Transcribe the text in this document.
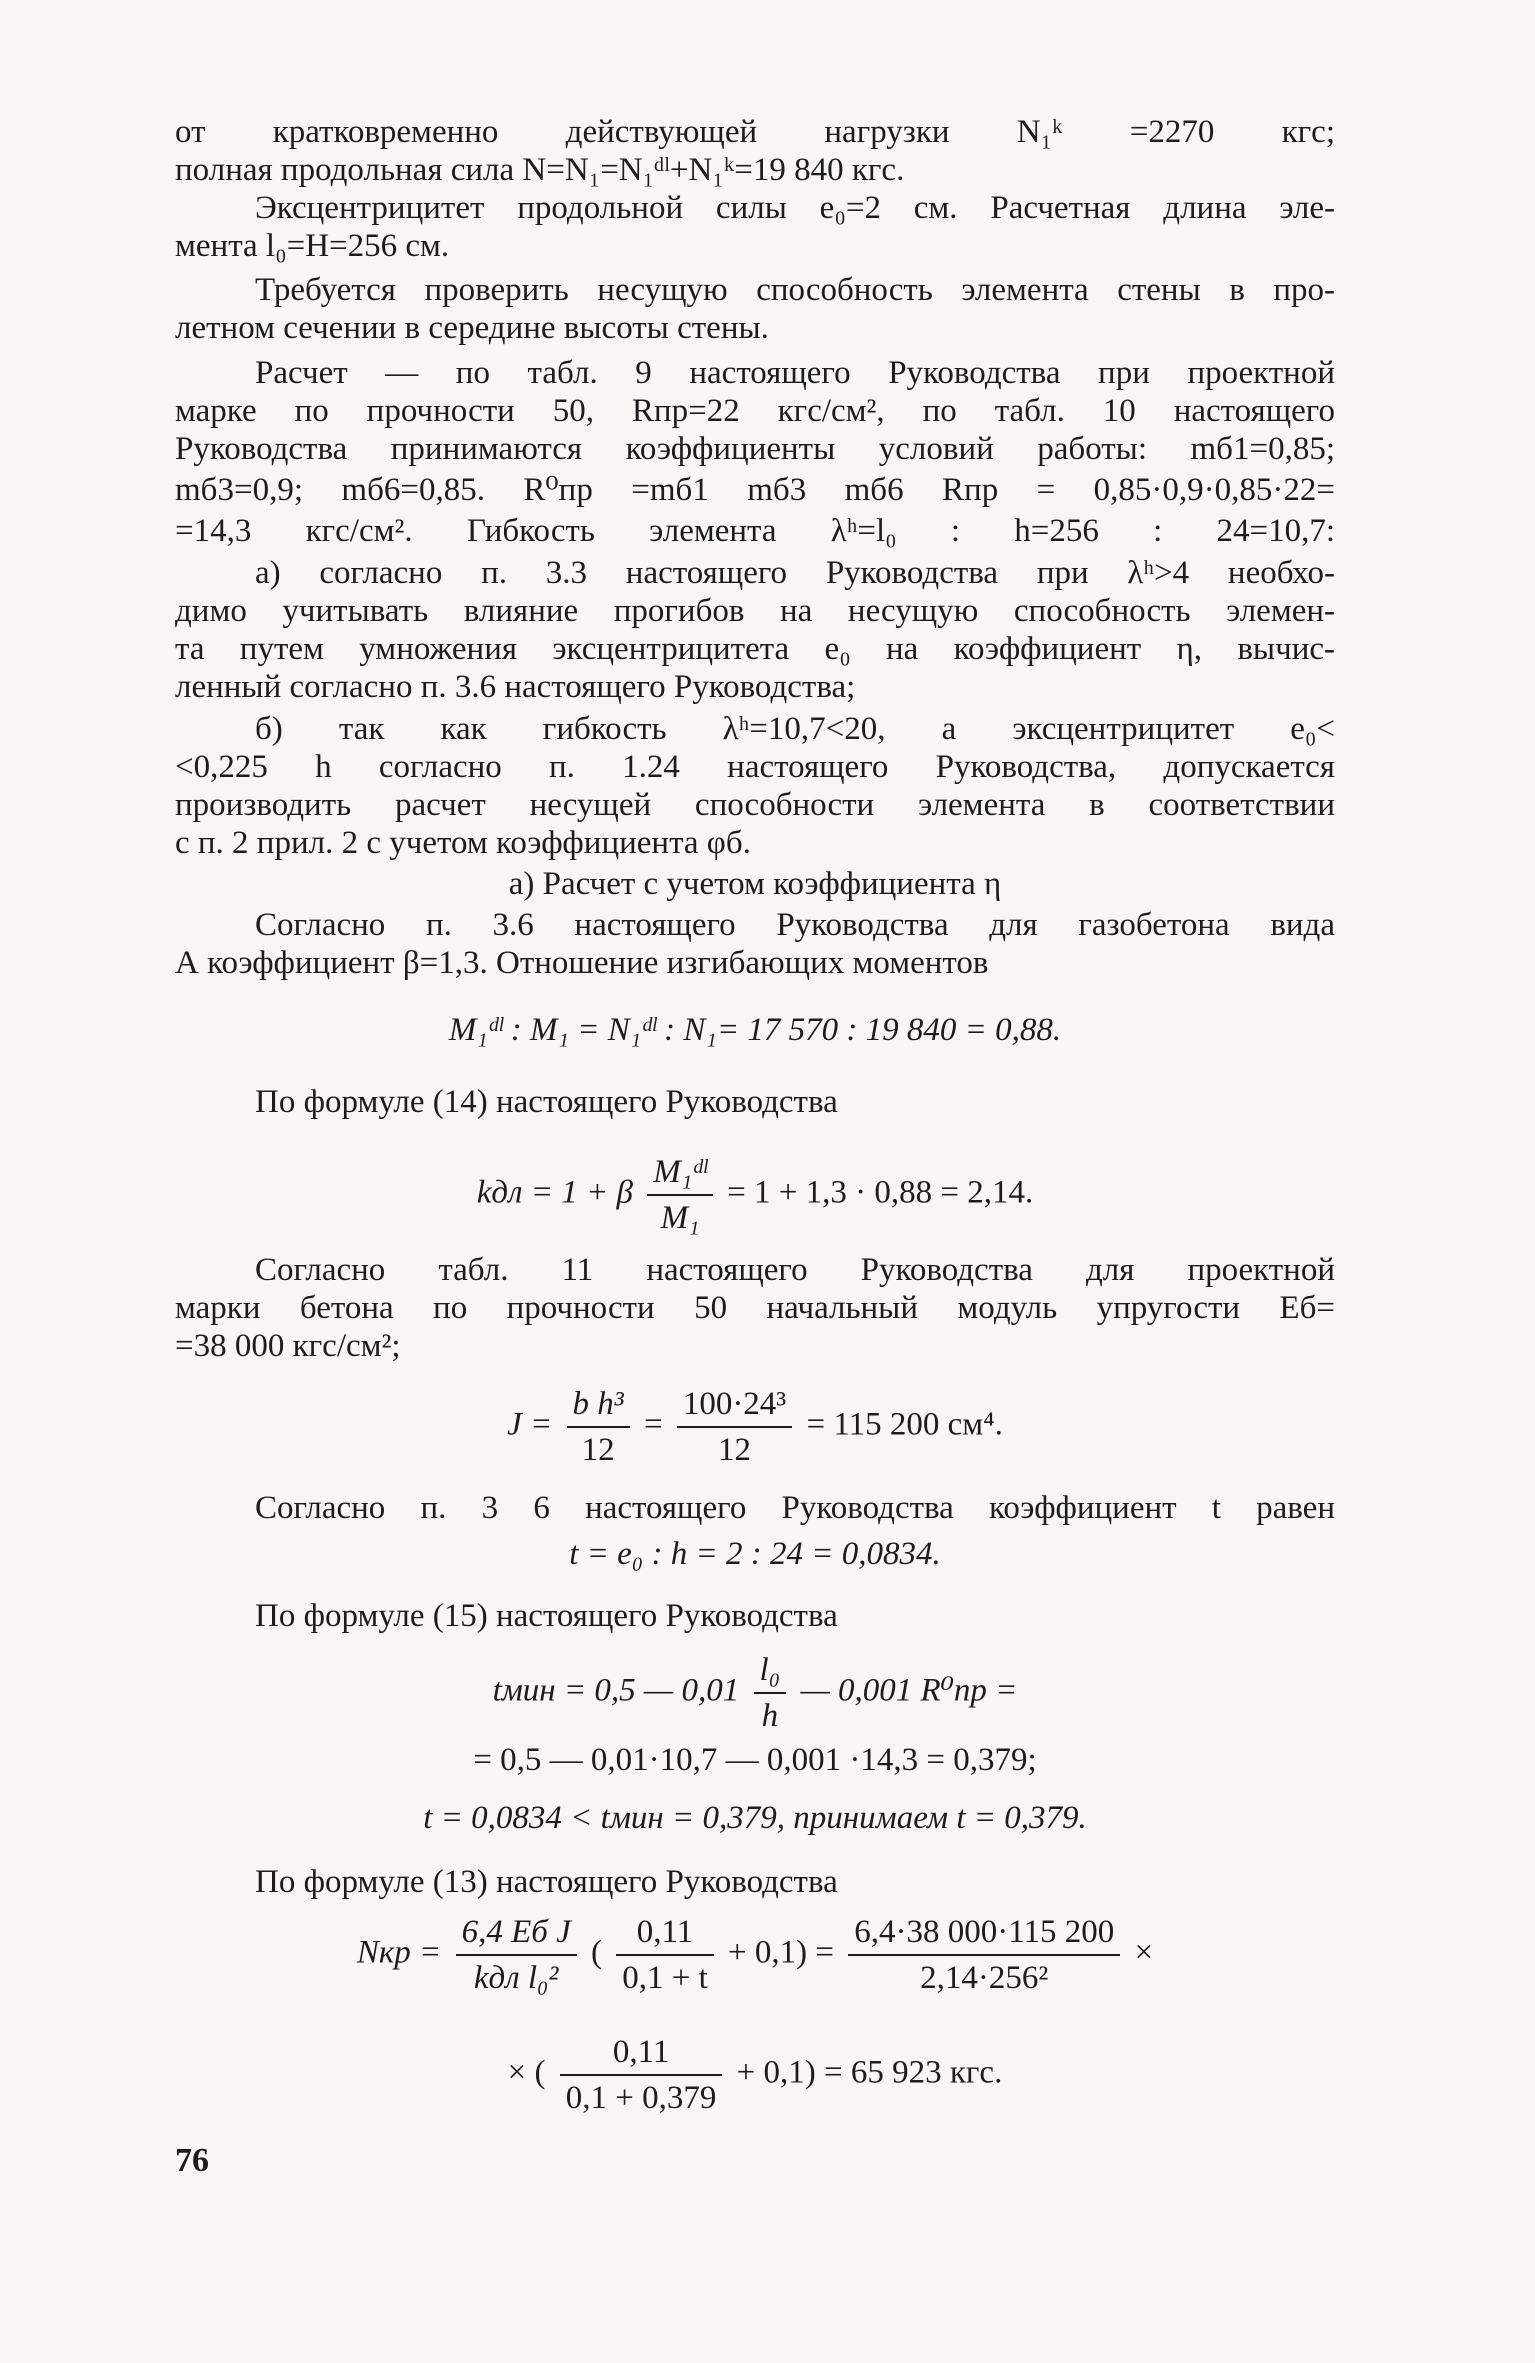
от кратковременно действующей нагрузки N₁ᵏ =2270 кгс;
полная продольная сила N=N₁=N₁ᵈˡ+N₁ᵏ=19 840 кгс.
Эксцентрицитет продольной силы e₀=2 см. Расчетная длина эле-
мента l₀=H=256 см.
Требуется проверить несущую способность элемента стены в про-
летном сечении в середине высоты стены.
Расчет — по табл. 9 настоящего Руководства при проектной
марке по прочности 50, Rпр=22 кгс/см², по табл. 10 настоящего
Руководства принимаются коэффициенты условий работы: mб1=0,85;
mб3=0,9; mб6=0,85. R⁰пр =mб1 mб3 mб6 Rпр = 0,85·0,9·0,85·22=
=14,3 кгс/см². Гибкость элемента λʰ=l₀ : h=256 : 24=10,7:
а) согласно п. 3.3 настоящего Руководства при λʰ>4 необхо-
димо учитывать влияние прогибов на несущую способность элемен-
та путем умножения эксцентрицитета e₀ на коэффициент η, вычис-
ленный согласно п. 3.6 настоящего Руководства;
б) так как гибкость λʰ=10,7<20, а эксцентрицитет e₀<
<0,225 h согласно п. 1.24 настоящего Руководства, допускается
производить расчет несущей способности элемента в соответствии
с п. 2 прил. 2 с учетом коэффициента φб.
а) Расчет с учетом коэффициента η
Согласно п. 3.6 настоящего Руководства для газобетона вида
А коэффициент β=1,3. Отношение изгибающих моментов
M₁ᵈˡ : M₁ = N₁ᵈˡ : N₁= 17 570 : 19 840 = 0,88.
По формуле (14) настоящего Руководства
kдл = 1 + β $\frac{\text{M₁ᵈˡ}}{\text{M₁}} = 1 + 1,3 \cdot 0,88 = 2,14$.
Согласно табл. 11 настоящего Руководства для проектной
марки бетона по прочности 50 начальный модуль упругости Eб=
=38 000 кгс/см²;
$J = \frac{\text{b h³}}{12} = \frac{\text{100·24³}}{12} = 115$ 200 см⁴.
Согласно п. 3 6 настоящего Руководства коэффициент t равен
t = e₀ : h = 2 : 24 = 0,0834.
По формуле (15) настоящего Руководства
tмин = 0,5 — $0,01 \frac{\text{l₀}}{h}$ — 0,001 R⁰пр =
= 0,5 — 0,01·10,7 — 0,001 ·14,3 = 0,379;
t = 0,0834 < tмин = 0,379, принимаем t = 0,379.
По формуле (13) настоящего Руководства
Nкр = $\frac{\text{6,4 Eб J}}{\text{kдл l₀²}}$ ( $\frac{0,11}{0,1 + t} + 0,1) = \frac{6,4\cdot 38 000\cdot 115 200}{\text{2,14·256²}}$ ×
× ( $\frac{0,11}{0,1 + 0,379} + 0,1) = 65$ 923 кгс.
76
